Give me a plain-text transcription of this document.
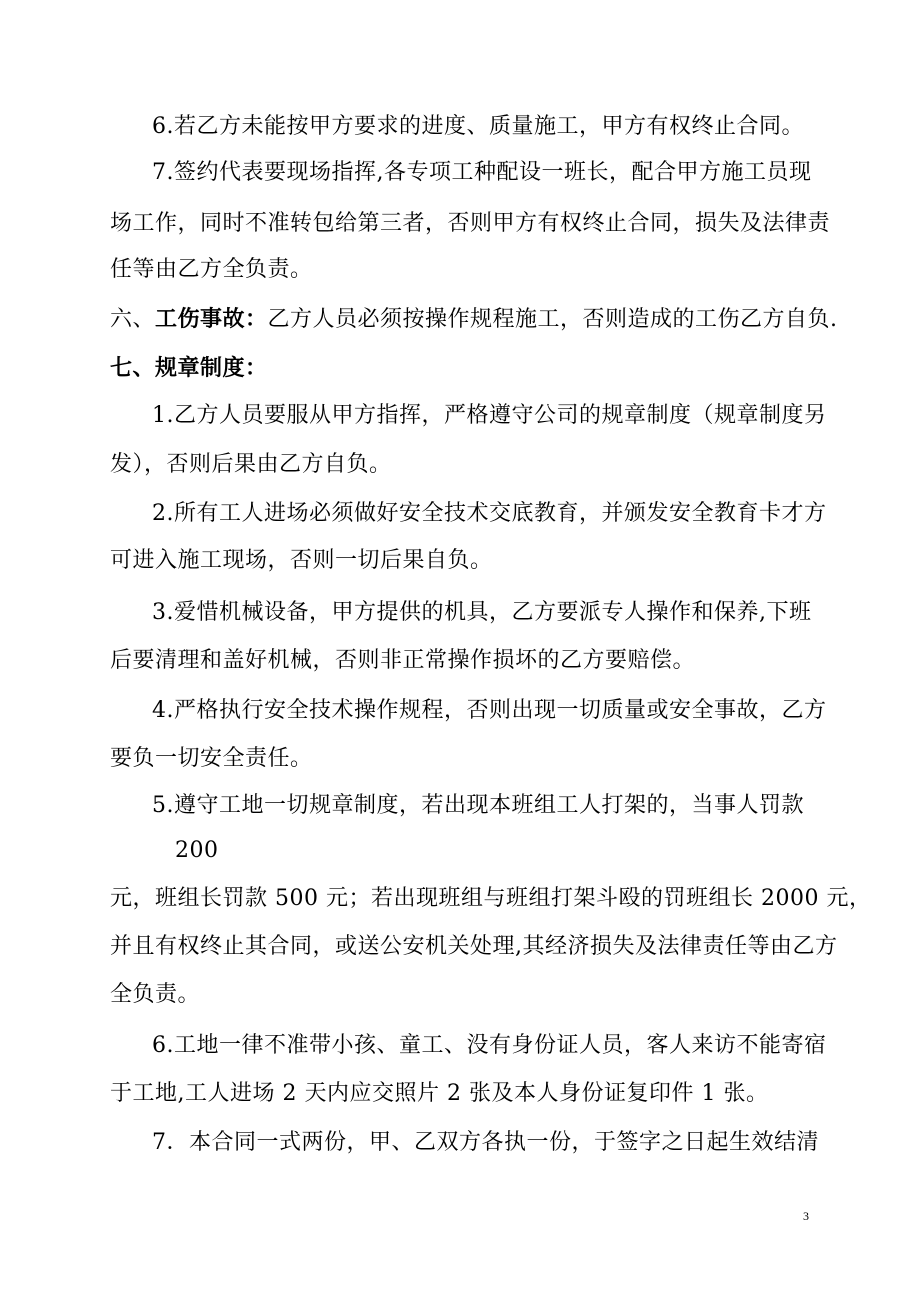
6.若乙方未能按甲方要求的进度、质量施工，甲方有权终止合同。
7.签约代表要现场指挥,各专项工种配设一班长，配合甲方施工员现
场工作，同时不准转包给第三者，否则甲方有权终止合同，损失及法律责
任等由乙方全负责。
六、工伤事故：乙方人员必须按操作规程施工，否则造成的工伤乙方自负.
七、规章制度：
1.乙方人员要服从甲方指挥，严格遵守公司的规章制度（规章制度另
发），否则后果由乙方自负。
2.所有工人进场必须做好安全技术交底教育，并颁发安全教育卡才方
可进入施工现场，否则一切后果自负。
3.爱惜机械设备，甲方提供的机具，乙方要派专人操作和保养,下班
后要清理和盖好机械，否则非正常操作损坏的乙方要赔偿。
4.严格执行安全技术操作规程，否则出现一切质量或安全事故，乙方
要负一切安全责任。
5.遵守工地一切规章制度，若出现本班组工人打架的，当事人罚款
200
元，班组长罚款 500 元；若出现班组与班组打架斗殴的罚班组长 2000 元，
并且有权终止其合同，或送公安机关处理,其经济损失及法律责任等由乙方
全负责。
6.工地一律不准带小孩、童工、没有身份证人员，客人来访不能寄宿
于工地,工人进场 2 天内应交照片 2 张及本人身份证复印件 1 张。
7．本合同一式两份，甲、乙双方各执一份，于签字之日起生效结清
3
